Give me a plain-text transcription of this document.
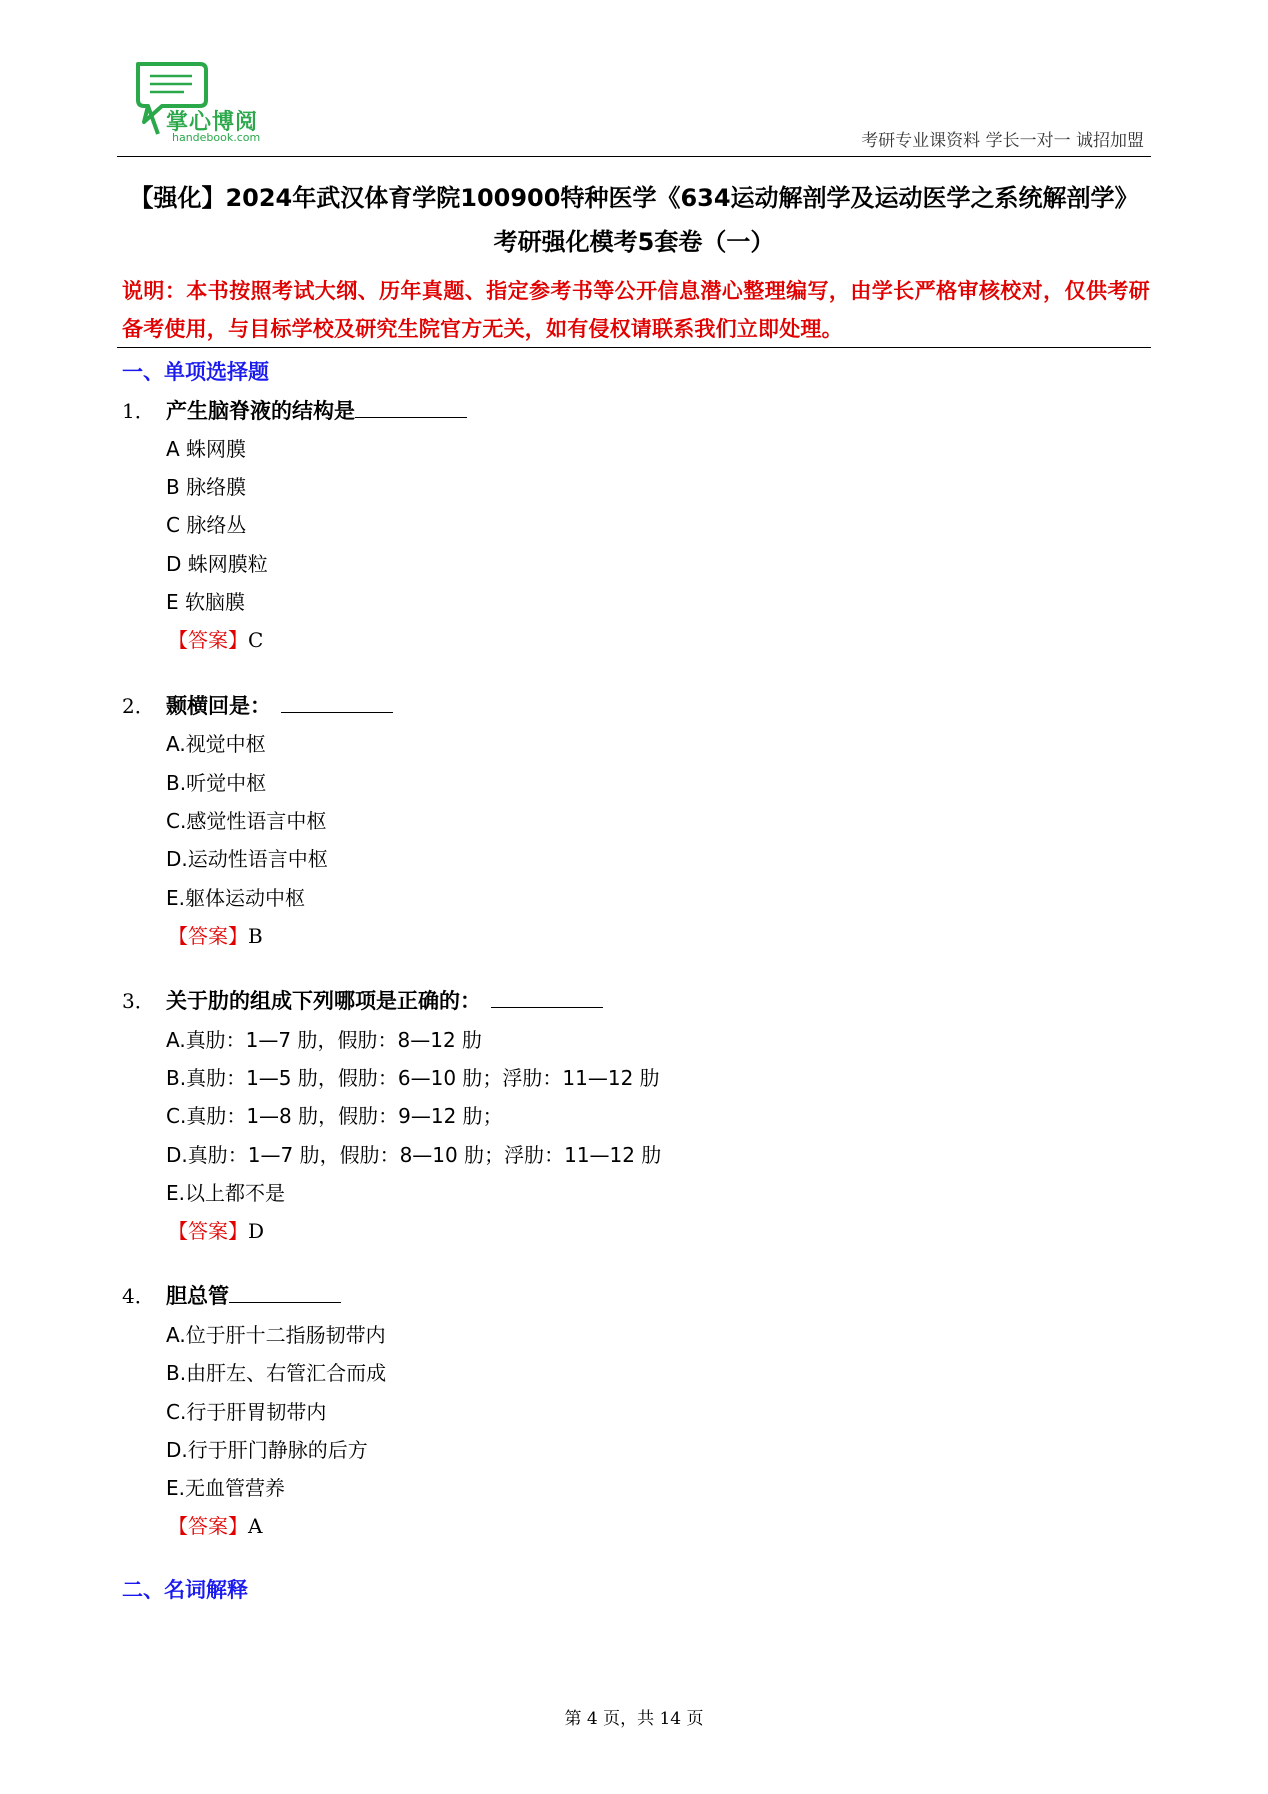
掌心博阅
handebook.com	考研专业课资料 学长一对一 诚招加盟
【强化】2024年武汉体育学院100900特种医学《634运动解剖学及运动医学之系统解剖学》
考研强化模考5套卷（一）
说明：本书按照考试大纲、历年真题、指定参考书等公开信息潜心整理编写，由学长严格审核校对，仅供考研备考使用，与目标学校及研究生院官方无关，如有侵权请联系我们立即处理。
一、单项选择题
1． 产生脑脊液的结构是
A 蛛网膜
B 脉络膜
C 脉络丛
D 蛛网膜粒
E 软脑膜
【答案】C
2． 颞横回是：
A.视觉中枢
B.听觉中枢
C.感觉性语言中枢
D.运动性语言中枢
E.躯体运动中枢
【答案】B
3． 关于肋的组成下列哪项是正确的：
A.真肋：1—7 肋，假肋：8—12 肋
B.真肋：1—5 肋，假肋：6—10 肋；浮肋：11—12 肋
C.真肋：1—8 肋，假肋：9—12 肋；
D.真肋：1—7 肋，假肋：8—10 肋；浮肋：11—12 肋
E.以上都不是
【答案】D
4． 胆总管
A.位于肝十二指肠韧带内
B.由肝左、右管汇合而成
C.行于肝胃韧带内
D.行于肝门静脉的后方
E.无血管营养
【答案】A
二、名词解释
第 4 页，共 14 页
